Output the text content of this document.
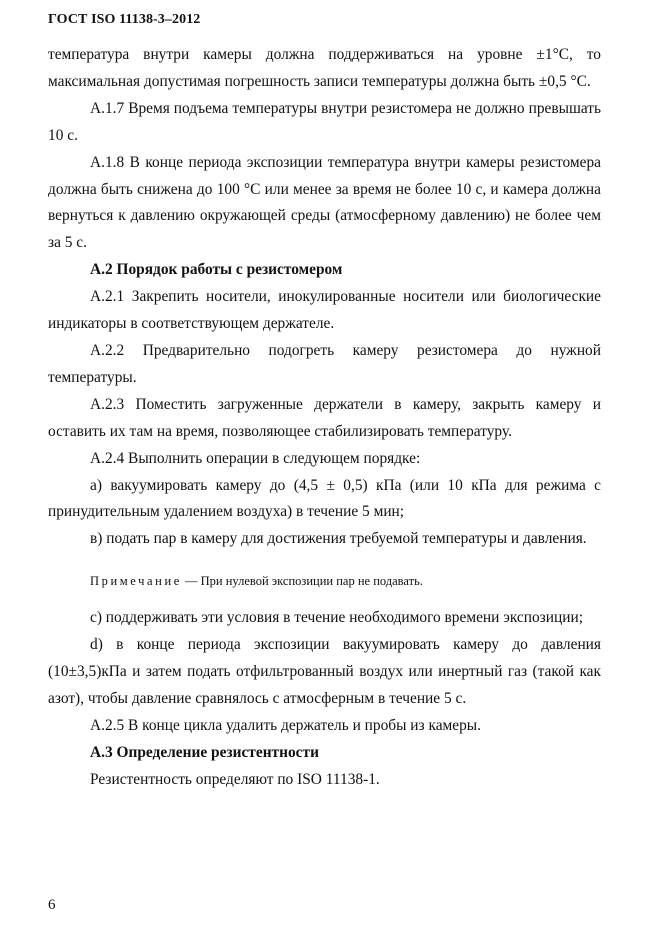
ГОСТ ISO 11138-3–2012

температура внутри камеры должна поддерживаться на уровне ±1°С, то максимальная допустимая погрешность записи температуры должна быть ±0,5 °С.

А.1.7 Время подъема температуры внутри резистомера не должно превышать 10 с.

А.1.8 В конце периода экспозиции температура внутри камеры резистомера должна быть снижена до 100 °С или менее за время не более 10 с, и камера должна вернуться к давлению окружающей среды (атмосферному давлению) не более чем за 5 с.

А.2 Порядок работы с резистомером

А.2.1 Закрепить носители, инокулированные носители или биологические индикаторы в соответствующем держателе.

А.2.2 Предварительно подогреть камеру резистомера до нужной температуры.

А.2.3 Поместить загруженные держатели в камеру, закрыть камеру и оставить их там на время, позволяющее стабилизировать температуру.

А.2.4 Выполнить операции в следующем порядке:

а) вакуумировать камеру до (4,5 ± 0,5) кПа (или 10 кПа для режима с принудительным удалением воздуха) в течение 5 мин;

в) подать пар в камеру для достижения требуемой температуры и давления.

Примечание — При нулевой экспозиции пар не подавать.

с) поддерживать эти условия в течение необходимого времени экспозиции;

d) в конце периода экспозиции вакуумировать камеру до давления (10±3,5)кПа и затем подать отфильтрованный воздух или инертный газ (такой как азот), чтобы давление сравнялось с атмосферным в течение 5 с.

А.2.5 В конце цикла удалить держатель и пробы из камеры.

А.3 Определение резистентности

Резистентность определяют по ISO 11138-1.

6
